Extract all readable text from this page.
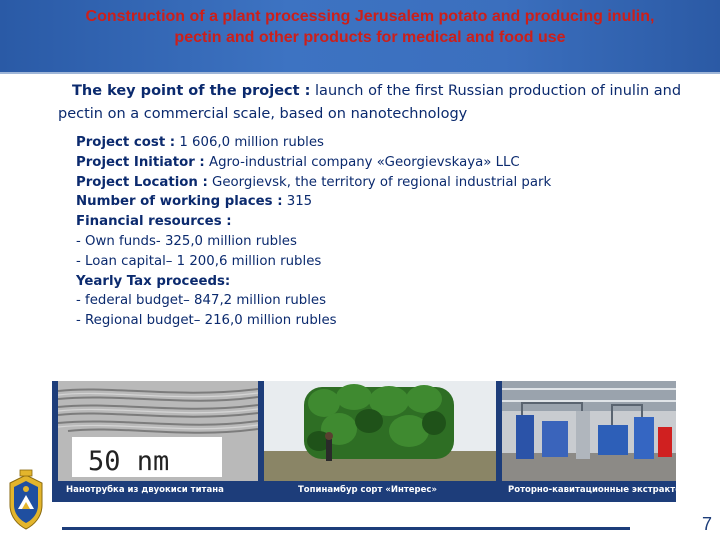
Construction of a plant processing Jerusalem potato and producing inulin, pectin and other products for medical and food use
The key point of the project : launch of the first Russian production of inulin and pectin on a commercial scale, based on nanotechnology
Project cost : 1 606,0 million rubles
Project Initiator : Agro-industrial company «Georgievskaya» LLC
Project Location : Georgievsk, the territory of regional industrial park
Number of working places : 315
Financial resources :
- Own funds- 325,0 million rubles
- Loan capital– 1 200,6 million rubles
Yearly Tax proceeds:
- federal budget– 847,2 million rubles
- Regional budget– 216,0 million rubles
50 nm
Нанотрубка из двуокиси титана	Топинамбур сорт «Интерес»	Роторно-кавитационные экстракторы
7
